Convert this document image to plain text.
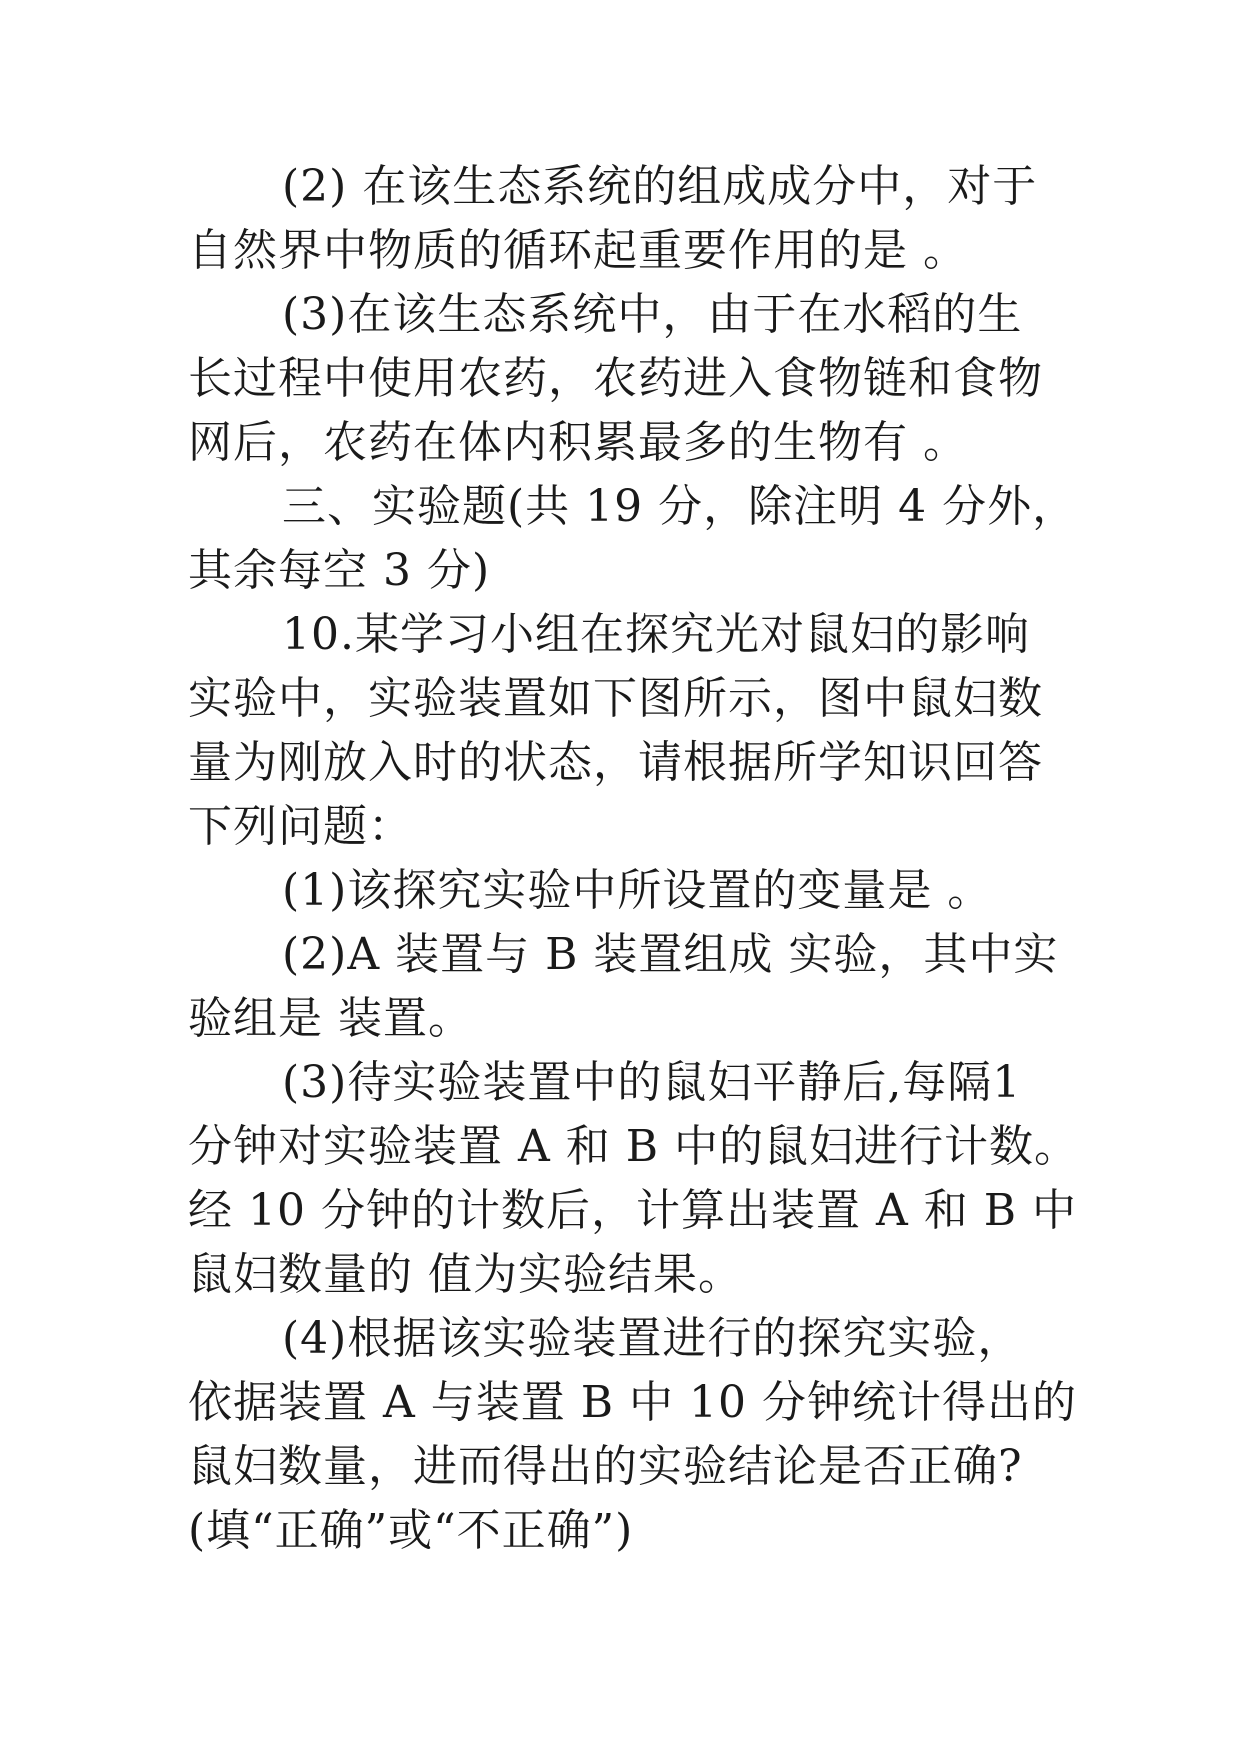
(2) 在该生态系统的组成成分中，对于
自然界中物质的循环起重要作用的是 。
(3)在该生态系统中，由于在水稻的生
长过程中使用农药，农药进入食物链和食物
网后，农药在体内积累最多的生物有 。
三、实验题(共 19 分，除注明 4 分外，
其余每空 3 分)
10.某学习小组在探究光对鼠妇的影响
实验中，实验装置如下图所示，图中鼠妇数
量为刚放入时的状态，请根据所学知识回答
下列问题：
(1)该探究实验中所设置的变量是 。
(2)A 装置与 B 装置组成 实验，其中实
验组是 装置。
(3)待实验装置中的鼠妇平静后,每隔1
分钟对实验装置 A 和 B 中的鼠妇进行计数。
经 10 分钟的计数后，计算出装置 A 和 B 中
鼠妇数量的 值为实验结果。
(4)根据该实验装置进行的探究实验，
依据装置 A 与装置 B 中 10 分钟统计得出的
鼠妇数量，进而得出的实验结论是否正确?
(填“正确”或“不正确”)
